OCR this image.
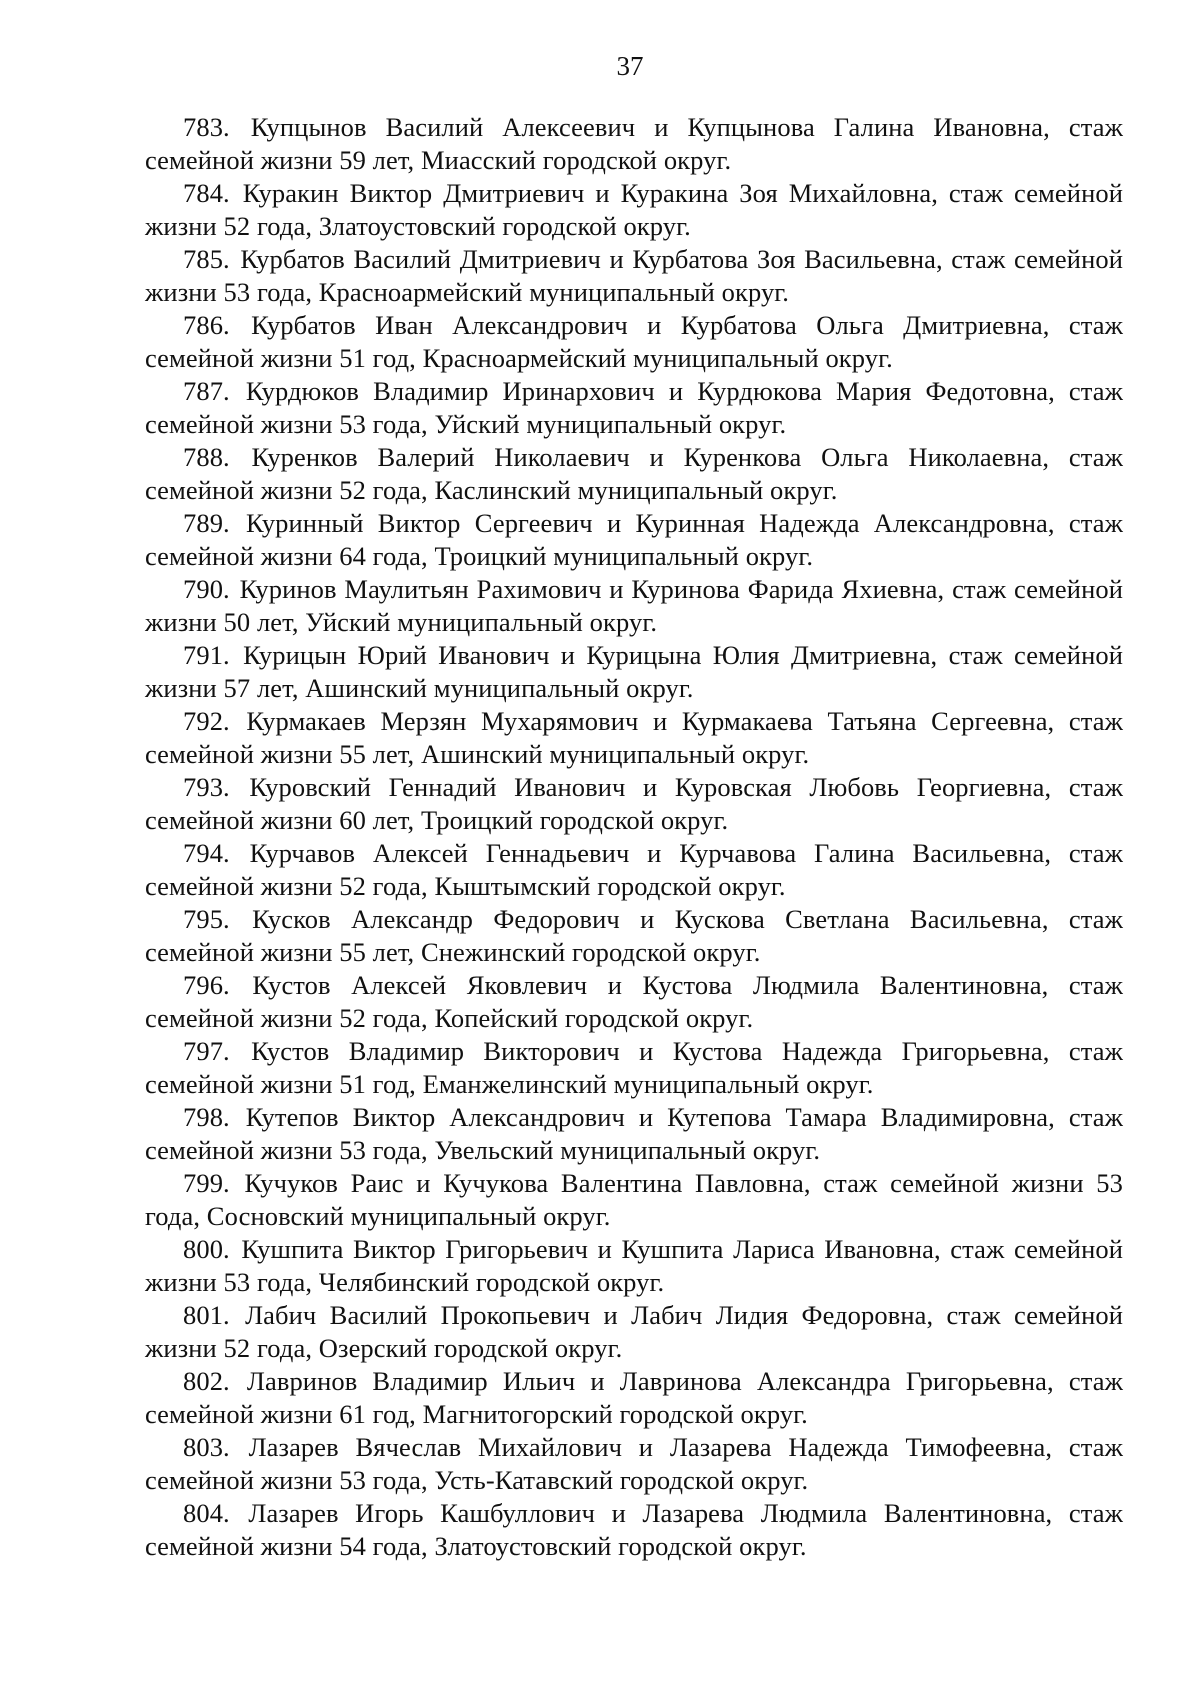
37
783. Купцынов Василий Алексеевич и Купцынова Галина Ивановна, стаж семейной жизни 59 лет, Миасский городской округ.
784. Куракин Виктор Дмитриевич и Куракина Зоя Михайловна, стаж семейной жизни 52 года, Златоустовский городской округ.
785. Курбатов Василий Дмитриевич и Курбатова Зоя Васильевна, стаж семейной жизни 53 года, Красноармейский муниципальный округ.
786. Курбатов Иван Александрович и Курбатова Ольга Дмитриевна, стаж семейной жизни 51 год, Красноармейский муниципальный округ.
787. Курдюков Владимир Иринархович и Курдюкова Мария Федотовна, стаж семейной жизни 53 года, Уйский муниципальный округ.
788. Куренков Валерий Николаевич и Куренкова Ольга Николаевна, стаж семейной жизни 52 года, Каслинский муниципальный округ.
789. Куринный Виктор Сергеевич и Куринная Надежда Александровна, стаж семейной жизни 64 года, Троицкий муниципальный округ.
790. Куринов Маулитьян Рахимович и Куринова Фарида Яхиевна, стаж семейной жизни 50 лет, Уйский муниципальный округ.
791. Курицын Юрий Иванович и Курицына Юлия Дмитриевна, стаж семейной жизни 57 лет, Ашинский муниципальный округ.
792. Курмакаев Мерзян Мухарямович и Курмакаева Татьяна Сергеевна, стаж семейной жизни 55 лет, Ашинский муниципальный округ.
793. Куровский Геннадий Иванович и Куровская Любовь Георгиевна, стаж семейной жизни 60 лет, Троицкий городской округ.
794. Курчавов Алексей Геннадьевич и Курчавова Галина Васильевна, стаж семейной жизни 52 года, Кыштымский городской округ.
795. Кусков Александр Федорович и Кускова Светлана Васильевна, стаж семейной жизни 55 лет, Снежинский городской округ.
796. Кустов Алексей Яковлевич и Кустова Людмила Валентиновна, стаж семейной жизни 52 года, Копейский городской округ.
797. Кустов Владимир Викторович и Кустова Надежда Григорьевна, стаж семейной жизни 51 год, Еманжелинский муниципальный округ.
798. Кутепов Виктор Александрович и Кутепова Тамара Владимировна, стаж семейной жизни 53 года, Увельский муниципальный округ.
799. Кучуков Раис и Кучукова Валентина Павловна, стаж семейной жизни 53 года, Сосновский муниципальный округ.
800. Кушпита Виктор Григорьевич и Кушпита Лариса Ивановна, стаж семейной жизни 53 года, Челябинский городской округ.
801. Лабич Василий Прокопьевич и Лабич Лидия Федоровна, стаж семейной жизни 52 года, Озерский городской округ.
802. Лавринов Владимир Ильич и Лавринова Александра Григорьевна, стаж семейной жизни 61 год, Магнитогорский городской округ.
803. Лазарев Вячеслав Михайлович и Лазарева Надежда Тимофеевна, стаж семейной жизни 53 года, Усть-Катавский городской округ.
804. Лазарев Игорь Кашбуллович и Лазарева Людмила Валентиновна, стаж семейной жизни 54 года, Златоустовский городской округ.
